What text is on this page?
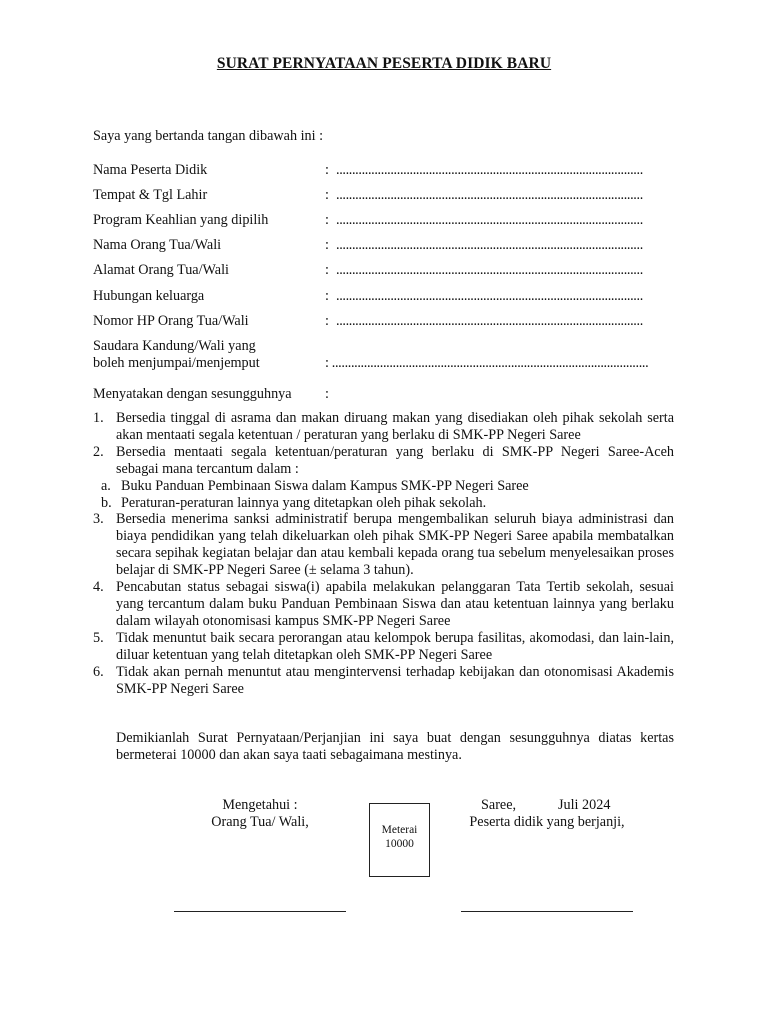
SURAT PERNYATAAN PESERTA DIDIK BARU
Saya yang bertanda tangan dibawah ini :
Nama Peserta Didik	: ................................................................................................
Tempat & Tgl Lahir	: ................................................................................................
Program Keahlian yang dipilih	: ................................................................................................
Nama Orang Tua/Wali	: ................................................................................................
Alamat Orang Tua/Wali	: ................................................................................................
Hubungan keluarga	: ................................................................................................
Nomor HP Orang Tua/Wali	: ................................................................................................
Saudara Kandung/Wali yang
boleh menjumpai/menjemput	: ...................................................................................................
Menyatakan dengan sesungguhnya :
1. Bersedia tinggal di asrama dan makan diruang makan yang disediakan oleh pihak sekolah serta akan mentaati segala ketentuan / peraturan yang berlaku di SMK-PP Negeri Saree
2. Bersedia mentaati segala ketentuan/peraturan yang berlaku di SMK-PP Negeri Saree-Aceh sebagai mana tercantum dalam :
a. Buku Panduan Pembinaan Siswa dalam Kampus SMK-PP Negeri Saree
b. Peraturan-peraturan lainnya yang ditetapkan oleh pihak sekolah.
3. Bersedia menerima sanksi administratif berupa mengembalikan seluruh biaya administrasi dan biaya pendidikan yang telah dikeluarkan oleh pihak SMK-PP Negeri Saree apabila membatalkan secara sepihak kegiatan belajar dan atau kembali kepada orang tua sebelum menyelesaikan proses belajar di SMK-PP Negeri Saree (± selama 3 tahun).
4. Pencabutan status sebagai siswa(i) apabila melakukan pelanggaran Tata Tertib sekolah, sesuai yang tercantum dalam buku Panduan Pembinaan Siswa dan atau ketentuan lainnya yang berlaku dalam wilayah otonomisasi kampus SMK-PP Negeri Saree
5. Tidak menuntut baik secara perorangan atau kelompok berupa fasilitas, akomodasi, dan lain-lain, diluar ketentuan yang telah ditetapkan oleh SMK-PP Negeri Saree
6. Tidak akan pernah menuntut atau mengintervensi terhadap kebijakan dan otonomisasi Akademis SMK-PP Negeri Saree
Demikianlah Surat Pernyataan/Perjanjian ini saya buat dengan sesungguhnya diatas kertas bermeterai 10000 dan akan saya taati sebagaimana mestinya.
Mengetahui :
Orang Tua/ Wali,
Saree,	Juli 2024
Peserta didik yang berjanji,
Meterai
10000
